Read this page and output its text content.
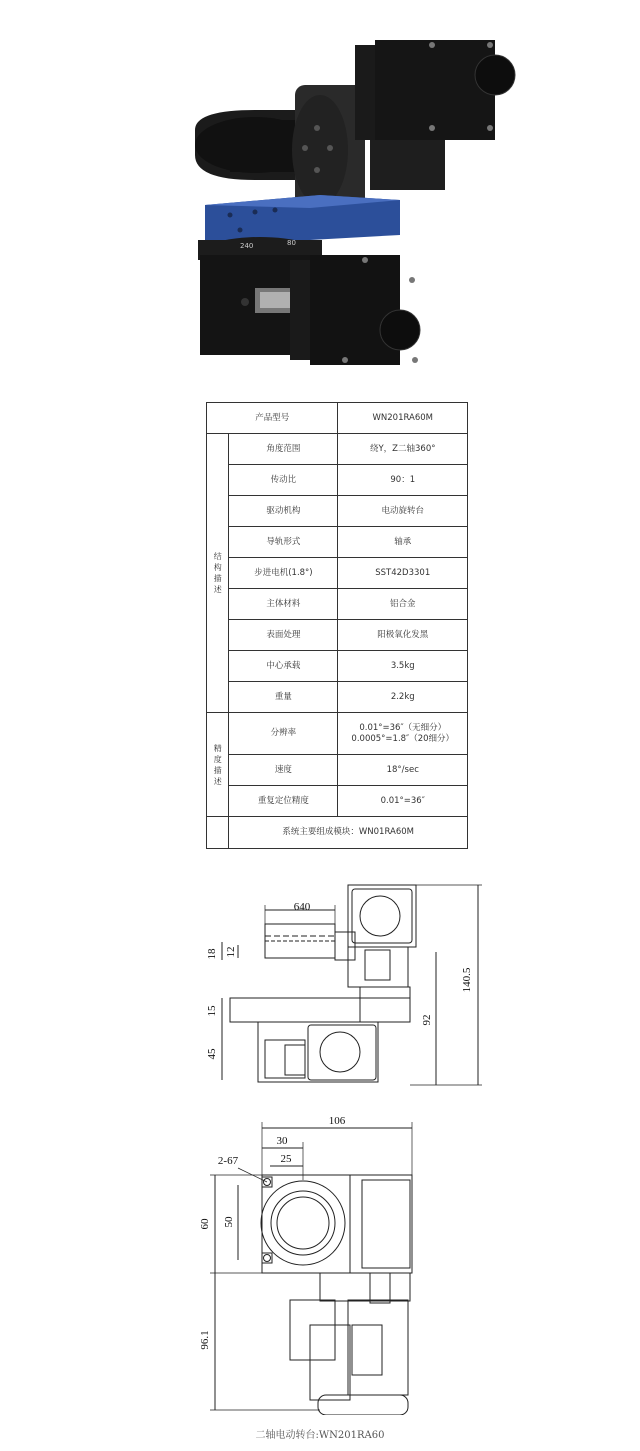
240	80
产品型号		WN201RA60M
结构描述	角度范围	绕Y，Z二轴360°
	传动比	90：1
	驱动机构	电动旋转台
	导轨形式	轴承
	步进电机(1.8°)	SST42D3301
	主体材料	铝合金
	表面处理	阳极氧化发黑
	中心承载	3.5kg
	重量	2.2kg
精度描述	分辨率	0.01°=36″（无细分）
0.0005°=1.8″（20细分）
	速度	18°/sec
	重复定位精度	0.01°=36″
	系统主要组成模块：WN01RA60M	
640
18 12
15
45
92
140.5
106
30
25
2-67
60 50
96.1
二轴电动转台:WN201RA60
